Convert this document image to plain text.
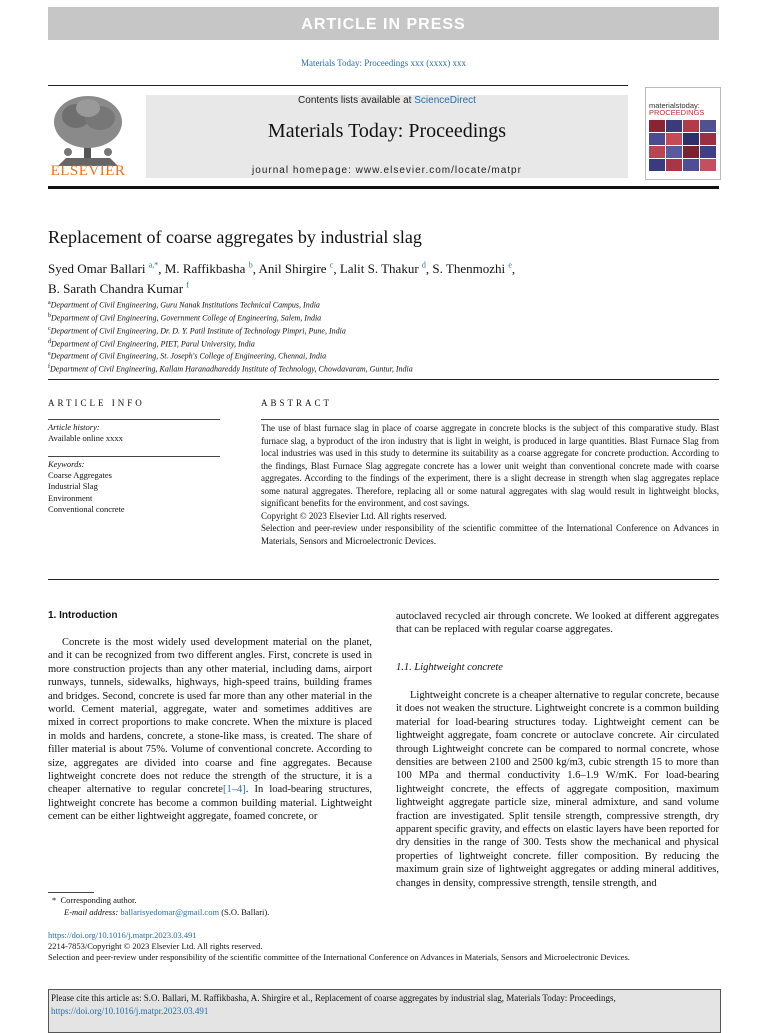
ARTICLE IN PRESS
Materials Today: Proceedings xxx (xxxx) xxx
ELSEVIER
Contents lists available at ScienceDirect
Materials Today: Proceedings
journal homepage: www.elsevier.com/locate/matpr
materialstoday:
PROCEEDINGS
Replacement of coarse aggregates by industrial slag
Syed Omar Ballari $^{a,*}$, M. Raffikbasha $^b$, Anil Shirgire $^c$, Lalit S. Thakur $^d$, S. Thenmozhi $^e$,
B. Sarath Chandra Kumar $^f$
$^a$Department of Civil Engineering, Guru Nanak Institutions Technical Campus, India
$^b$Department of Civil Engineering, Government College of Engineering, Salem, India
$^c$Department of Civil Engineering, Dr. D. Y. Patil Institute of Technology Pimpri, Pune, India
$^d$Department of Civil Engineering, PIET, Parul University, India
$^e$Department of Civil Engineering, St. Joseph's College of Engineering, Chennai, India
$^f$Department of Civil Engineering, Kallam Haranadhareddy Institute of Technology, Chowdavaram, Guntur, India
ARTICLE INFO
Article history:
Available online xxxx
Keywords:
Coarse Aggregates
Industrial Slag
Environment
Conventional concrete
ABSTRACT
The use of blast furnace slag in place of coarse aggregate in concrete blocks is the subject of this comparative study. Blast furnace slag, a byproduct of the iron industry that is light in weight, is produced in large quantities. Blast Furnace Slag from local industries was used in this study to determine its suitability as a coarse aggregate for concrete production. According to the findings, Blast Furnace Slag aggregate concrete has a lower unit weight than conventional concrete made with coarse aggregates. According to the findings of the experiment, there is a slight decrease in strength when slag aggregates replace some natural aggregates. Therefore, replacing all or some natural aggregates with slag would result in lightweight blocks, significant benefits for the environment, and cost savings.
Copyright © 2023 Elsevier Ltd. All rights reserved.
Selection and peer-review under responsibility of the scientific committee of the International Conference on Advances in Materials, Sensors and Microelectronic Devices.
1. Introduction

Concrete is the most widely used development material on the planet, and it can be recognized from two different angles. First, concrete is used in more construction projects than any other material, including dams, airport runways, tunnels, sidewalks, highways, high-speed trains, building frames and bridges. Second, concrete is used far more than any other material in the world. Cement material, aggregate, water and sometimes additives are mixed in correct proportions to make concrete. When the mixture is placed in molds and hardens, concrete, a stone-like mass, is created. The share of filler material is about 75%. Volume of conventional concrete. According to size, aggregates are divided into coarse and fine aggregates. Because lightweight concrete does not reduce the strength of the structure, it is a cheaper alternative to regular concrete[1–4]. In load-bearing structures, lightweight concrete has become a common building material. Lightweight cement can be either lightweight aggregate, foamed concrete, or

autoclaved recycled air through concrete. We looked at different aggregates that can be replaced with regular coarse aggregates.
1.1. Lightweight concrete

Lightweight concrete is a cheaper alternative to regular concrete, because it does not weaken the structure. Lightweight concrete is a common building material for load-bearing structures today. Lightweight cement can be lightweight aggregate, foam concrete or autoclave concrete. Air circulated through Lightweight concrete can be compared to normal concrete, whose densities are between 2100 and 2500 kg/m3, cubic strength 15 to more than 100 MPa and thermal conductivity 1.6–1.9 W/mK. For load-bearing lightweight concrete, the effects of aggregate composition, maximum lightweight aggregate particle size, mineral admixture, and sand volume fraction are investigated. Split tensile strength, compressive strength, dry apparent specific gravity, and effects on elastic layers have been reported for dry densities in the range of 300. Tests show the mechanical and physical properties of lightweight concrete. filler composition. By reducing the maximum grain size of lightweight aggregates or adding mineral additives, changes in density, compressive strength, tensile strength, and

*  Corresponding author.
E-mail address: ballarisyedomar@gmail.com (S.O. Ballari).
https://doi.org/10.1016/j.matpr.2023.03.491
2214-7853/Copyright © 2023 Elsevier Ltd. All rights reserved.
Selection and peer-review under responsibility of the scientific committee of the International Conference on Advances in Materials, Sensors and Microelectronic Devices.
Please cite this article as: S.O. Ballari, M. Raffikbasha, A. Shirgire et al., Replacement of coarse aggregates by industrial slag, Materials Today: Proceedings,
https://doi.org/10.1016/j.matpr.2023.03.491
